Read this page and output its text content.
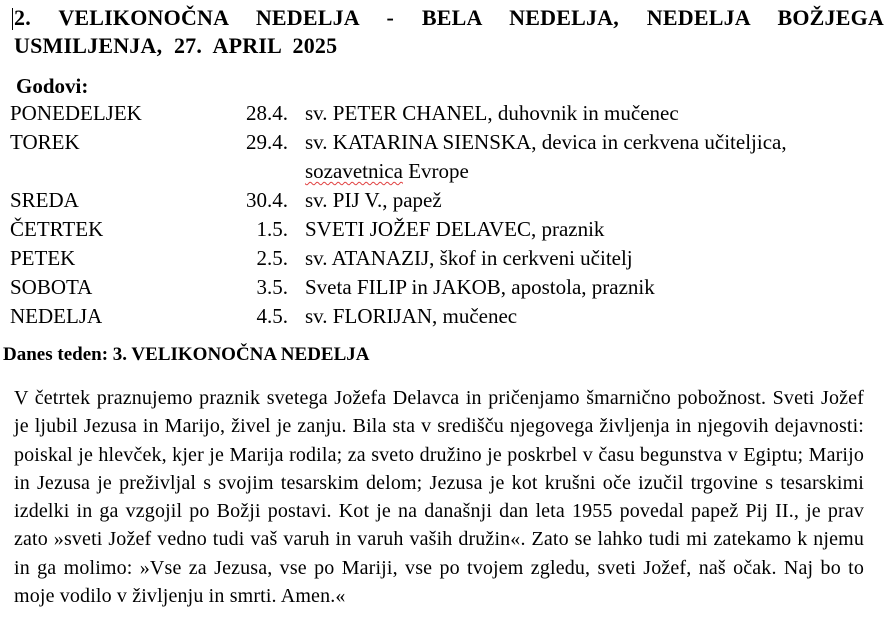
2. VELIKONOČNA NEDELJA - BELA NEDELJA, NEDELJA BOŽJEGA USMILJENJA, 27. APRIL 2025
Godovi:
PONEDELJEK	28.4. sv. PETER CHANEL, duhovnik in mučenec
TOREK	29.4. sv. KATARINA SIENSKA, devica in cerkvena učiteljica,
sozavetnica Evrope
SREDA	30.4. sv. PIJ V., papež
ČETRTEK	1.5. SVETI JOŽEF DELAVEC, praznik
PETEK	2.5. sv. ATANAZIJ, škof in cerkveni učitelj
SOBOTA	3.5. Sveta FILIP in JAKOB, apostola, praznik
NEDELJA	4.5. sv. FLORIJAN, mučenec
Danes teden: 3. VELIKONOČNA NEDELJA
V četrtek praznujemo praznik svetega Jožefa Delavca in pričenjamo šmarnično pobožnost. Sveti Jožef je ljubil Jezusa in Marijo, živel je zanju. Bila sta v središču njegovega življenja in njegovih dejavnosti: poiskal je hlevček, kjer je Marija rodila; za sveto družino je poskrbel v času begunstva v Egiptu; Marijo in Jezusa je preživljal s svojim tesarskim delom; Jezusa je kot krušni oče izučil trgovine s tesarskimi izdelki in ga vzgojil po Božji postavi. Kot je na današnji dan leta 1955 povedal papež Pij II., je prav zato »sveti Jožef vedno tudi vaš varuh in varuh vaših družin«. Zato se lahko tudi mi zatekamo k njemu in ga molimo: »Vse za Jezusa, vse po Mariji, vse po tvojem zgledu, sveti Jožef, naš očak. Naj bo to moje vodilo v življenju in smrti. Amen.«
